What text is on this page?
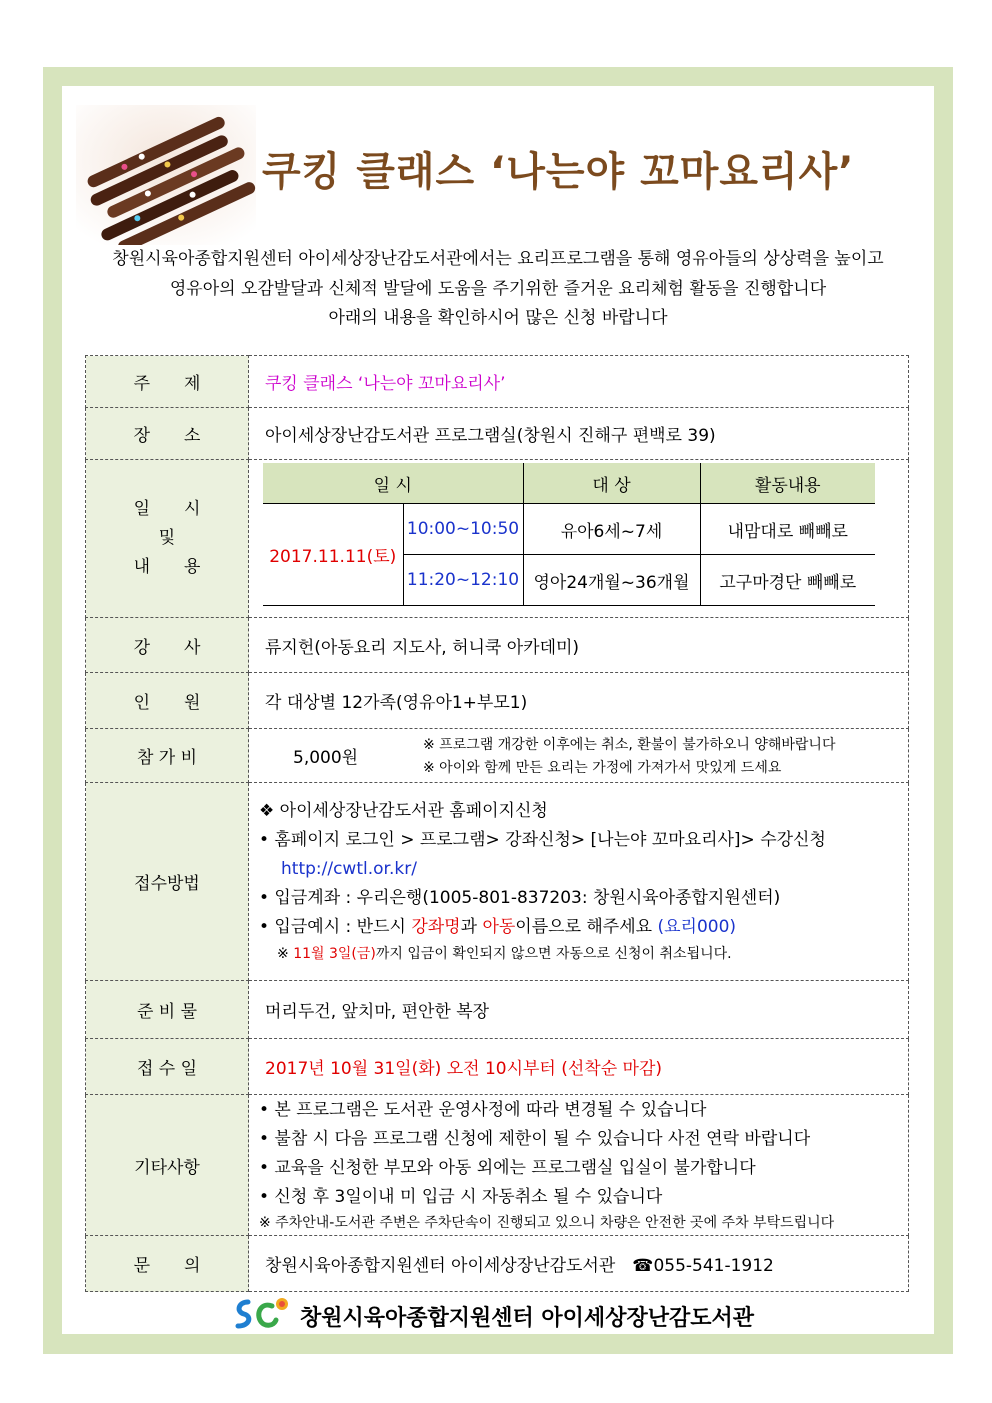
쿠킹 클래스 ‘나는야 꼬마요리사’
창원시육아종합지원센터 아이세상장난감도서관에서는 요리프로그램을 통해 영유아들의 상상력을 높이고
영유아의 오감발달과 신체적 발달에 도움을 주기위한 즐거운 요리체험 활동을 진행합니다
아래의 내용을 확인하시어 많은 신청 바랍니다
주　　제	쿠킹 클래스 ‘나는야 꼬마요리사’
장　　소	아이세상장난감도서관 프로그램실(창원시 진해구 편백로 39)

일　　시
및
내　　용

일 시	대 상	활동내용
2017.11.11(토)	10:00~10:50	유아6세~7세	내맘대로 빼빼로
11:20~12:10	영아24개월~36개월	고구마경단 빼빼로

강　　사	류지헌(아동요리 지도사, 허니쿡 아카데미)
인　　원	각 대상별 12가족(영유아1+부모1)
참 가 비	5,000원
※ 프로그램 개강한 이후에는 취소, 환불이 불가하오니 양해바랍니다
※ 아이와 함께 만든 요리는 가정에 가져가서 맛있게 드세요

접수방법	
❖ 아이세상장난감도서관 홈페이지신청
• 홈페이지 로그인 > 프로그램> 강좌신청> [나는야 꼬마요리사]> 수강신청
http://cwtl.or.kr/
• 입금계좌 : 우리은행(1005-801-837203: 창원시육아종합지원센터)
• 입금예시 : 반드시 강좌명과 아동이름으로 해주세요 (요리000)
※ 11월 3일(금)까지 입금이 확인되지 않으면 자동으로 신청이 취소됩니다.

준 비 물	머리두건, 앞치마, 편안한 복장
접 수 일	2017년 10월 31일(화) 오전 10시부터 (선착순 마감)
기타사항	
• 본 프로그램은 도서관 운영사정에 따라 변경될 수 있습니다
• 불참 시 다음 프로그램 신청에 제한이 될 수 있습니다 사전 연락 바랍니다
• 교육을 신청한 부모와 아동 외에는 프로그램실 입실이 불가합니다
• 신청 후 3일이내 미 입금 시 자동취소 될 수 있습니다
※ 주차안내-도서관 주변은 주차단속이 진행되고 있으니 차량은 안전한 곳에 주차 부탁드립니다

문　　의	창원시육아종합지원센터 아이세상장난감도서관　☎055-541-1912
창원시육아종합지원센터 아이세상장난감도서관
